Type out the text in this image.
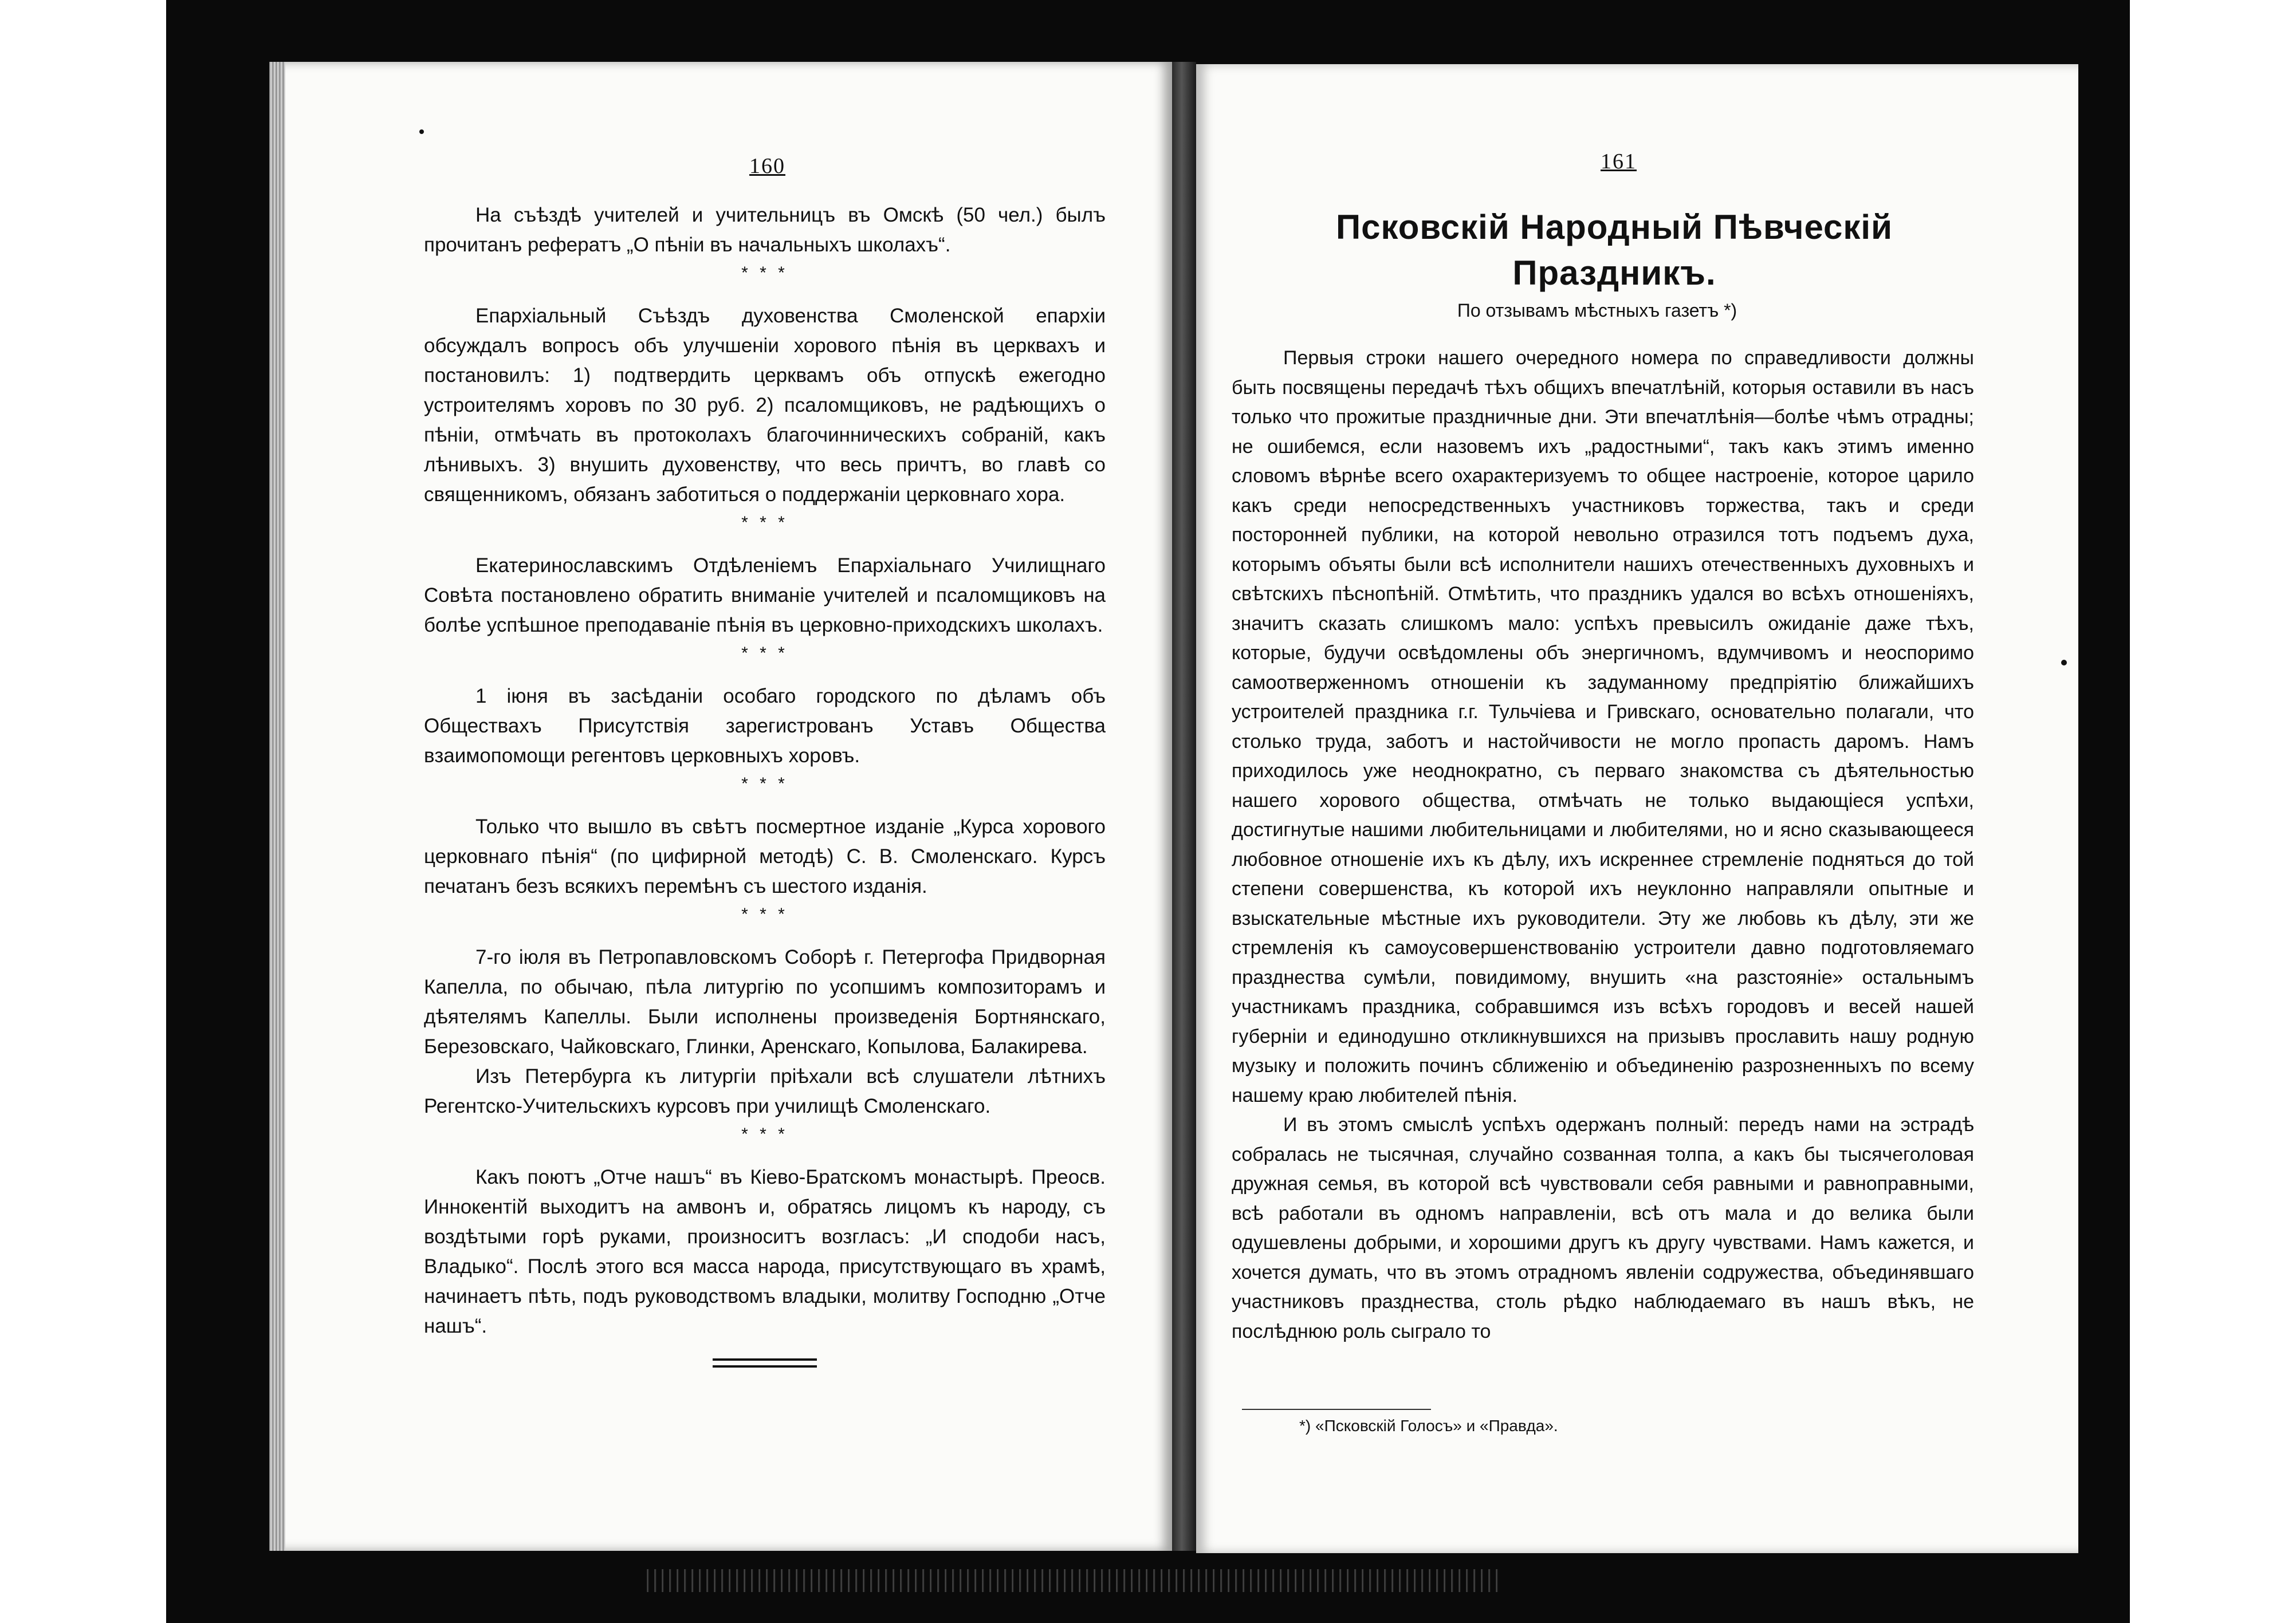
160

На съѣздѣ учителей и учительницъ въ Омскѣ (50 чел.) былъ прочитанъ рефератъ „О пѣніи въ начальныхъ школахъ“.

* * *

Епархіальный Съѣздъ духовенства Смоленской епархіи обсуждалъ вопросъ объ улучшеніи хорового пѣнія въ церквахъ и постановилъ: 1) подтвердить церквамъ объ отпускѣ ежегодно устроителямъ хоровъ по 30 руб. 2) псаломщиковъ, не радѣющихъ о пѣніи, отмѣчать въ протоколахъ благочинническихъ собраній, какъ лѣнивыхъ. 3) внушить духовенству, что весь причтъ, во главѣ со священникомъ, обязанъ заботиться о поддержаніи церковнаго хора.

* * *

Екатеринославскимъ Отдѣленіемъ Епархіальнаго Училищнаго Совѣта постановлено обратить вниманіе учителей и псаломщиковъ на болѣе успѣшное преподаваніе пѣнія въ церковно-приходскихъ школахъ.

* * *

1 іюня въ засѣданіи особаго городского по дѣламъ объ Обществахъ Присутствія зарегистрованъ Уставъ Общества взаимопомощи регентовъ церковныхъ хоровъ.

* * *

Только что вышло въ свѣтъ посмертное изданіе „Курса хорового церковнаго пѣнія“ (по цифирной методѣ) С. В. Смоленскаго. Курсъ печатанъ безъ всякихъ перемѣнъ съ шестого изданія.

* * *

7-го іюля въ Петропавловскомъ Соборѣ г. Петергофа Придворная Капелла, по обычаю, пѣла литургію по усопшимъ композиторамъ и дѣятелямъ Капеллы. Были исполнены произведенія Бортнянскаго, Березовскаго, Чайковскаго, Глинки, Аренскаго, Копылова, Балакирева.

Изъ Петербурга къ литургіи пріѣхали всѣ слушатели лѣтнихъ Регентско-Учительскихъ курсовъ при училищѣ Смоленскаго.

* * *

Какъ поютъ „Отче нашъ“ въ Кіево-Братскомъ монастырѣ. Преосв. Иннокентій выходитъ на амвонъ и, обратясь лицомъ къ народу, съ воздѣтыми горѣ руками, произноситъ возгласъ: „И сподоби насъ, Владыко“. Послѣ этого вся масса народа, присутствующаго въ храмѣ, начинаетъ пѣть, подъ руководствомъ владыки, молитву Господню „Отче нашъ“.

161
Псковскій Народный Пѣвческій
Праздникъ.
По отзывамъ мѣстныхъ газетъ *)

Первыя строки нашего очередного номера по справедливости должны быть посвящены передачѣ тѣхъ общихъ впечатлѣній, которыя оставили въ насъ только что прожитые праздничные дни. Эти впечатлѣнія—болѣе чѣмъ отрадны; не ошибемся, если назовемъ ихъ „радостными“, такъ какъ этимъ именно словомъ вѣрнѣе всего охарактеризуемъ то общее настроеніе, которое царило какъ среди непосредственныхъ участниковъ торжества, такъ и среди посторонней публики, на которой невольно отразился тотъ подъемъ духа, которымъ объяты были всѣ исполнители нашихъ отечественныхъ духовныхъ и свѣтскихъ пѣснопѣній. Отмѣтить, что праздникъ удался во всѣхъ отношеніяхъ, значитъ сказать слишкомъ мало: успѣхъ превысилъ ожиданіе даже тѣхъ, которые, будучи освѣдомлены объ энергичномъ, вдумчивомъ и неоспоримо самоотверженномъ отношеніи къ задуманному предпріятію ближайшихъ устроителей праздника г.г. Тульчіева и Гривскаго, основательно полагали, что столько труда, заботъ и настойчивости не могло пропасть даромъ. Намъ приходилось уже неоднократно, съ перваго знакомства съ дѣятельностью нашего хорового общества, отмѣчать не только выдающіеся успѣхи, достигнутые нашими любительницами и любителями, но и ясно сказывающееся любовное отношеніе ихъ къ дѣлу, ихъ искреннее стремленіе подняться до той степени совершенства, къ которой ихъ неуклонно направляли опытные и взыскательные мѣстные ихъ руководители. Эту же любовь къ дѣлу, эти же стремленія къ самоусовершенствованію устроители давно подготовляемаго празднества сумѣли, повидимому, внушить «на разстояніе» остальнымъ участникамъ праздника, собравшимся изъ всѣхъ городовъ и весей нашей губерніи и единодушно откликнувшихся на призывъ прославить нашу родную музыку и положить починъ сближенію и объединенію разрозненныхъ по всему нашему краю любителей пѣнія.

И въ этомъ смыслѣ успѣхъ одержанъ полный: передъ нами на эстрадѣ собралась не тысячная, случайно созванная толпа, а какъ бы тысячеголовая дружная семья, въ которой всѣ чувствовали себя равными и равноправными, всѣ работали въ одномъ направленіи, всѣ отъ мала и до велика были одушевлены добрыми, и хорошими другъ къ другу чувствами. Намъ кажется, и хочется думать, что въ этомъ отрадномъ явленіи содружества, объединявшаго участниковъ празднества, столь рѣдко наблюдаемаго въ нашъ вѣкъ, не послѣднюю роль сыграло то

*) «Псковскій Голосъ» и «Правда».
